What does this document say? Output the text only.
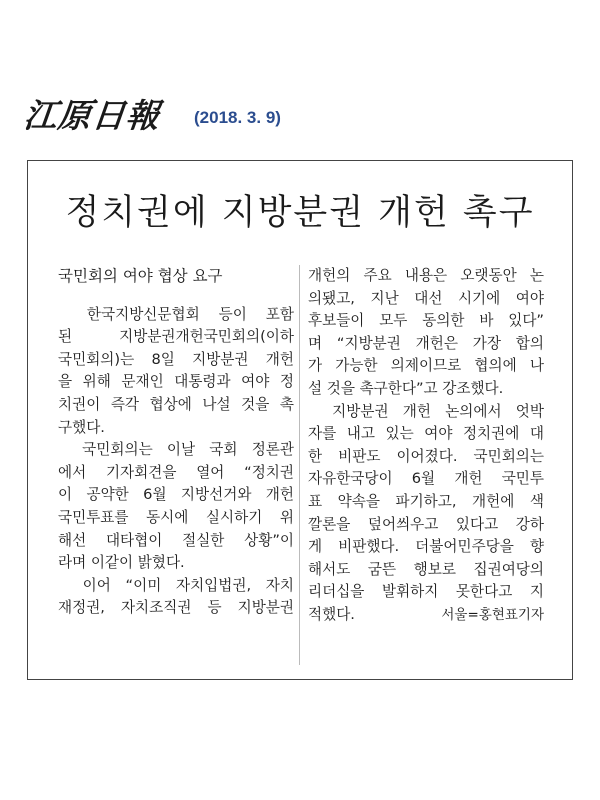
江原日報 (2018. 3. 9)
정치권에 지방분권 개헌 촉구
국민회의 여야 협상 요구
　한국지방신문협회 등이 포함
된 지방분권개헌국민회의(이하
국민회의)는 8일 지방분권 개헌
을 위해 문재인 대통령과 여야 정
치권이 즉각 협상에 나설 것을 촉
구했다.
　국민회의는 이날 국회 정론관
에서 기자회견을 열어 “정치권
이 공약한 6월 지방선거와 개헌
국민투표를 동시에 실시하기 위
해선 대타협이 절실한 상황”이
라며 이같이 밝혔다.
　이어 “이미 자치입법권, 자치
재정권, 자치조직권 등 지방분권
개헌의 주요 내용은 오랫동안 논
의됐고, 지난 대선 시기에 여야
후보들이 모두 동의한 바 있다”
며 “지방분권 개헌은 가장 합의
가 가능한 의제이므로 협의에 나
설 것을 촉구한다”고 강조했다.
　지방분권 개헌 논의에서 엇박
자를 내고 있는 여야 정치권에 대
한 비판도 이어졌다. 국민회의는
자유한국당이 6월 개헌 국민투
표 약속을 파기하고, 개헌에 색
깔론을 덮어씌우고 있다고 강하
게 비판했다. 더불어민주당을 향
해서도 굼뜬 행보로 집권여당의
리더십을 발휘하지 못한다고 지
적했다.	서울=홍현표기자
